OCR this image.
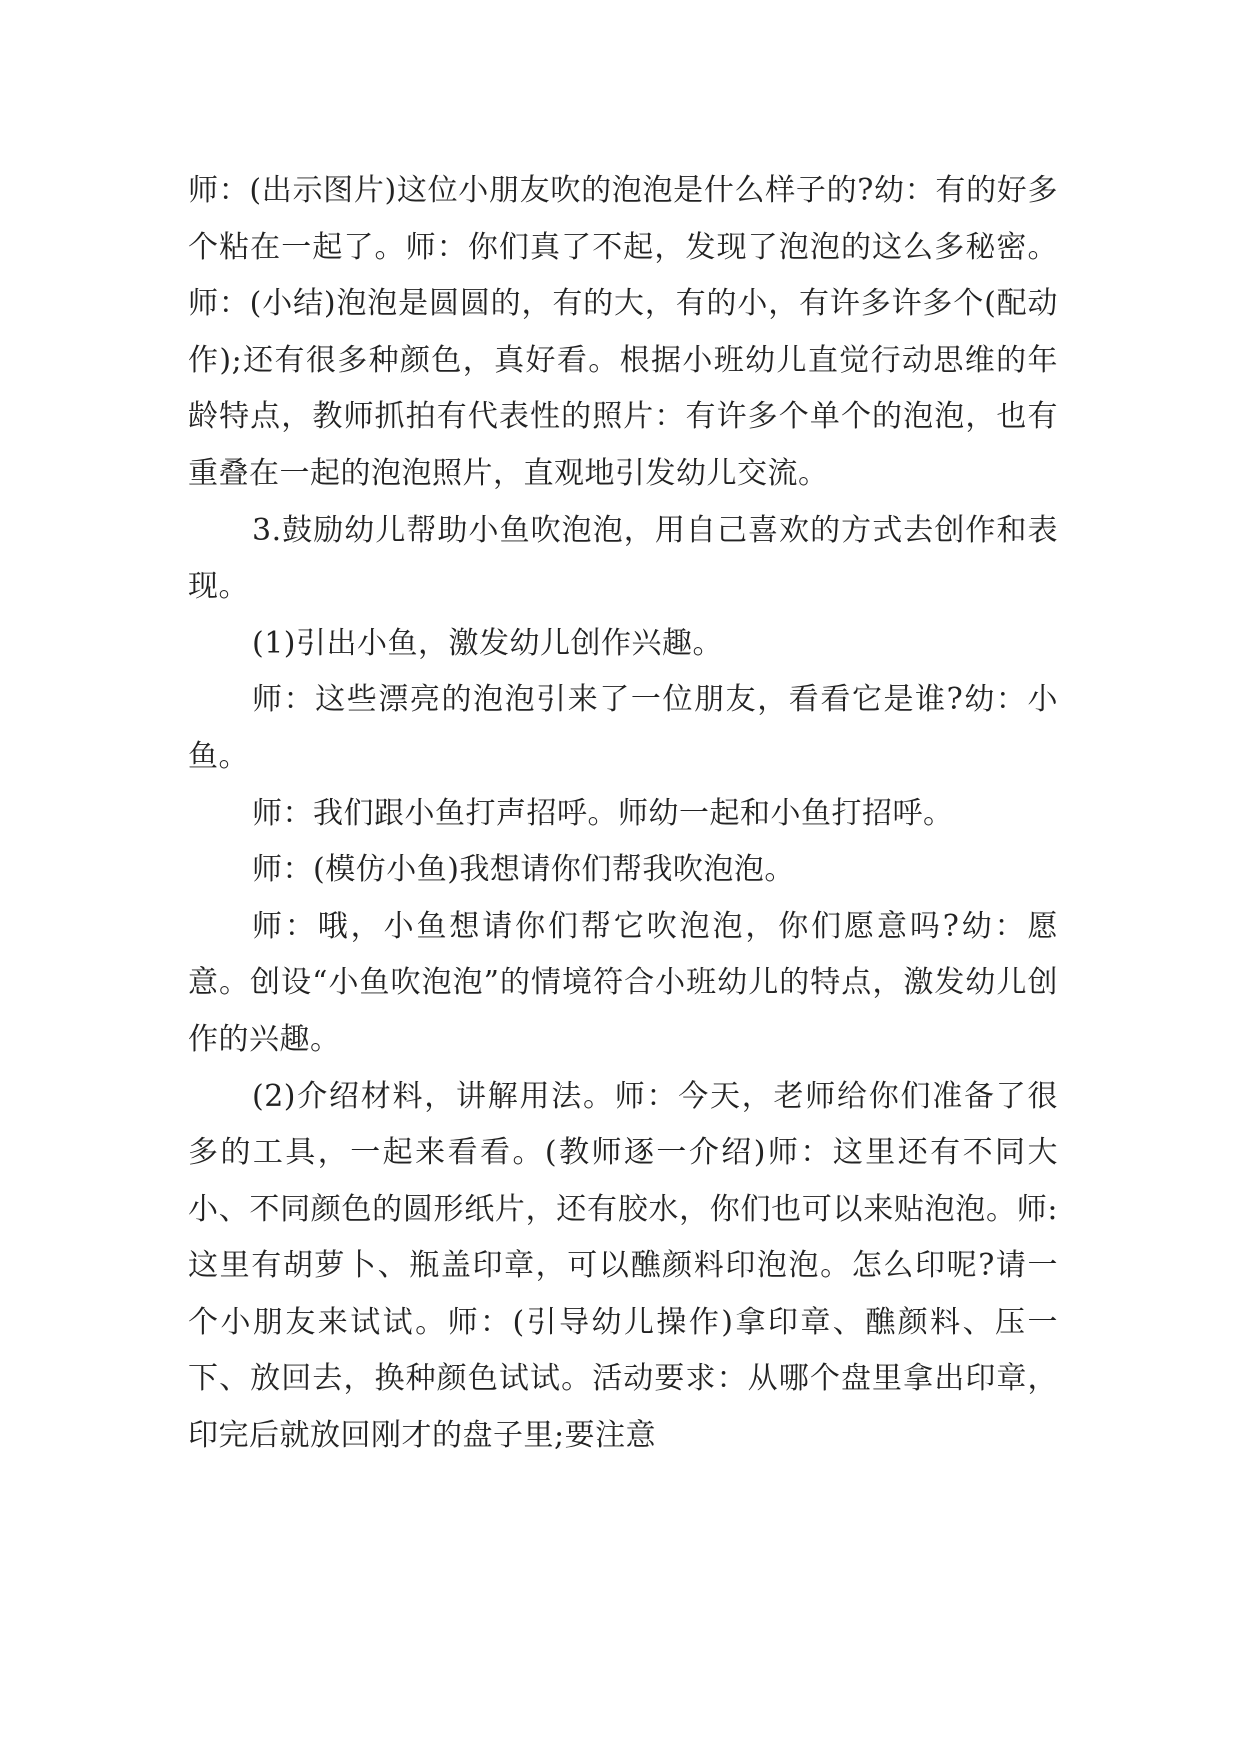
师：(出示图片)这位小朋友吹的泡泡是什么样子的?幼：有的好多个粘在一起了。师：你们真了不起，发现了泡泡的这么多秘密。师：(小结)泡泡是圆圆的，有的大，有的小，有许多许多个(配动作);还有很多种颜色，真好看。根据小班幼儿直觉行动思维的年龄特点，教师抓拍有代表性的照片：有许多个单个的泡泡，也有重叠在一起的泡泡照片，直观地引发幼儿交流。

3.鼓励幼儿帮助小鱼吹泡泡，用自己喜欢的方式去创作和表现。

(1)引出小鱼，激发幼儿创作兴趣。

师：这些漂亮的泡泡引来了一位朋友，看看它是谁?幼：小鱼。

师：我们跟小鱼打声招呼。师幼一起和小鱼打招呼。

师：(模仿小鱼)我想请你们帮我吹泡泡。

师：哦，小鱼想请你们帮它吹泡泡，你们愿意吗?幼：愿意。创设“小鱼吹泡泡”的情境符合小班幼儿的特点，激发幼儿创作的兴趣。

(2)介绍材料，讲解用法。师：今天，老师给你们准备了很多的工具，一起来看看。(教师逐一介绍)师：这里还有不同大小、不同颜色的圆形纸片，还有胶水，你们也可以来贴泡泡。师:这里有胡萝卜、瓶盖印章，可以醮颜料印泡泡。怎么印呢?请一个小朋友来试试。师：(引导幼儿操作)拿印章、醮颜料、压一下、放回去，换种颜色试试。活动要求：从哪个盘里拿出印章，印完后就放回刚才的盘子里;要注意
